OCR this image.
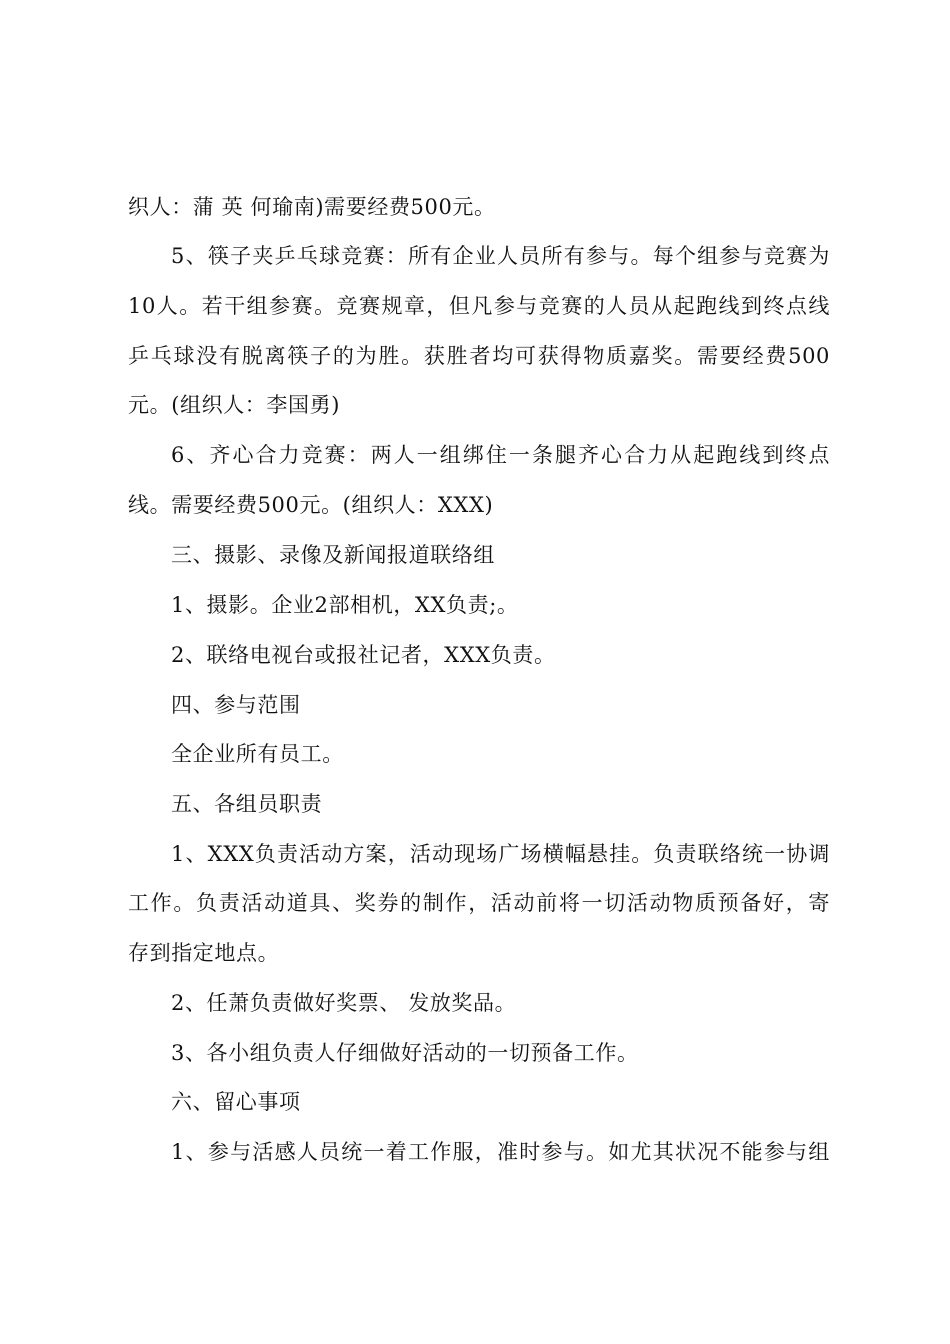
织人：蒲 英 何瑜南)需要经费500元。
5、筷子夹乒乓球竞赛：所有企业人员所有参与。每个组参与竞赛为
10人。若干组参赛。竞赛规章，但凡参与竞赛的人员从起跑线到终点线
乒乓球没有脱离筷子的为胜。获胜者均可获得物质嘉奖。需要经费500
元。(组织人：李国勇)
6、齐心合力竞赛：两人一组绑住一条腿齐心合力从起跑线到终点
线。需要经费500元。(组织人：XXX)
三、摄影、录像及新闻报道联络组
1、摄影。企业2部相机，XX负责;。
2、联络电视台或报社记者，XXX负责。
四、参与范围
全企业所有员工。
五、各组员职责
1、XXX负责活动方案，活动现场广场横幅悬挂。负责联络统一协调
工作。负责活动道具、奖券的制作，活动前将一切活动物质预备好，寄
存到指定地点。
2、任萧负责做好奖票、 发放奖品。
3、各小组负责人仔细做好活动的一切预备工作。
六、留心事项
1、参与活感人员统一着工作服，准时参与。如尤其状况不能参与组
